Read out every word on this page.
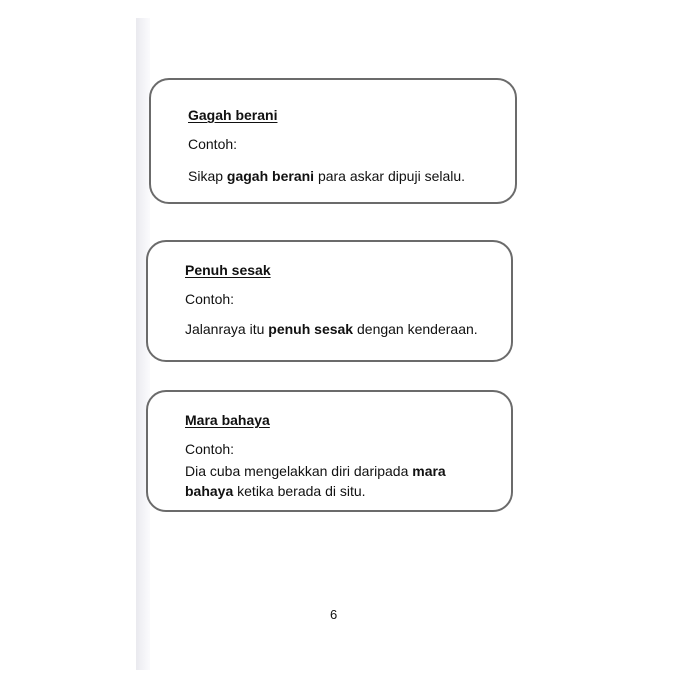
Gagah berani

Contoh:

Sikap gagah berani para askar dipuji selalu.

Penuh sesak

Contoh:

Jalanraya itu penuh sesak dengan kenderaan.

Mara bahaya

Contoh:

Dia cuba mengelakkan diri daripada mara bahaya ketika berada di situ.

6
